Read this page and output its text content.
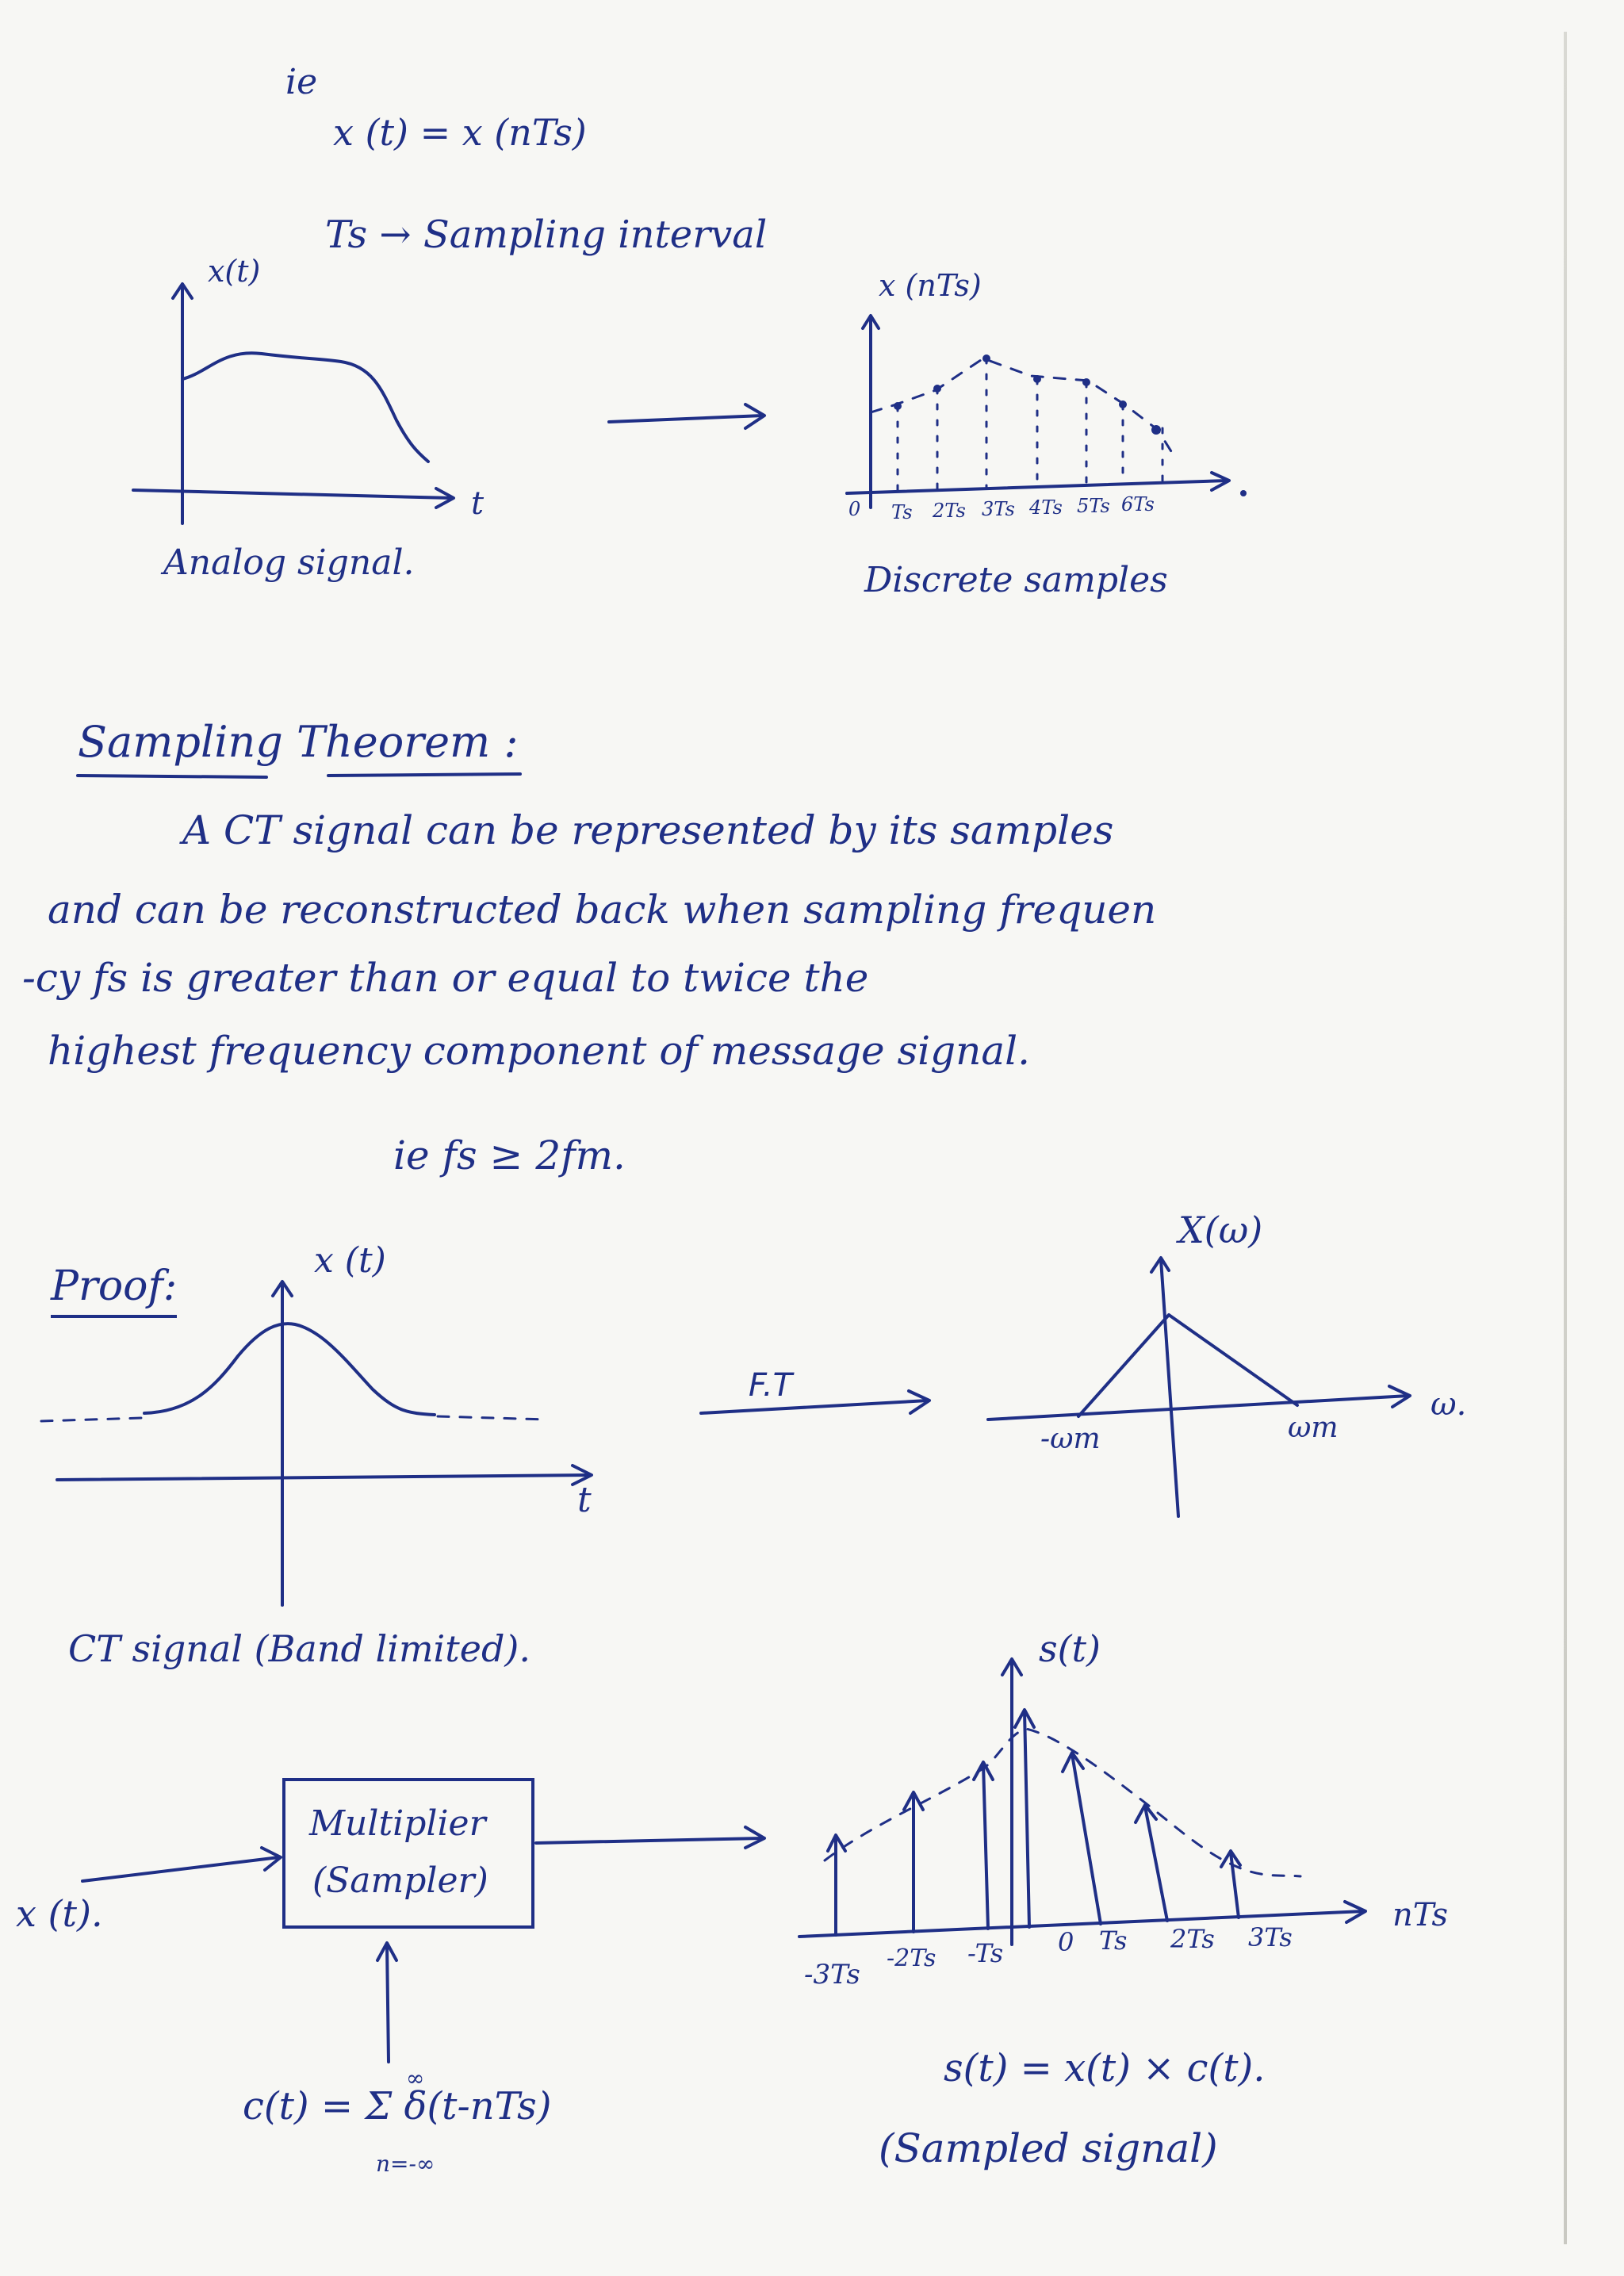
ie
x (t) = x (nTs)
Ts → Sampling interval
x(t)
t
Analog signal.
x (nTs)
0 Ts 2Ts 3Ts 4Ts 5Ts 6Ts
Discrete samples
Sampling Theorem :
A CT signal can be represented by its samples
and can be reconstructed back when sampling frequen
-cy fs is greater than or equal to twice the
highest frequency component of message signal.
ie fs ≥ 2fm.
Proof:
x (t)
t
F.T
X(ω)
ω.
-ωm	ωm
CT signal (Band limited).
x (t).
Multiplier
(Sampler)
c(t) = Σ δ(t-nTs)
∞
n=-∞
s(t)
nTs
-3Ts
-2Ts -Ts 0 Ts 2Ts 3Ts
s(t) = x(t) × c(t).
(Sampled signal)
